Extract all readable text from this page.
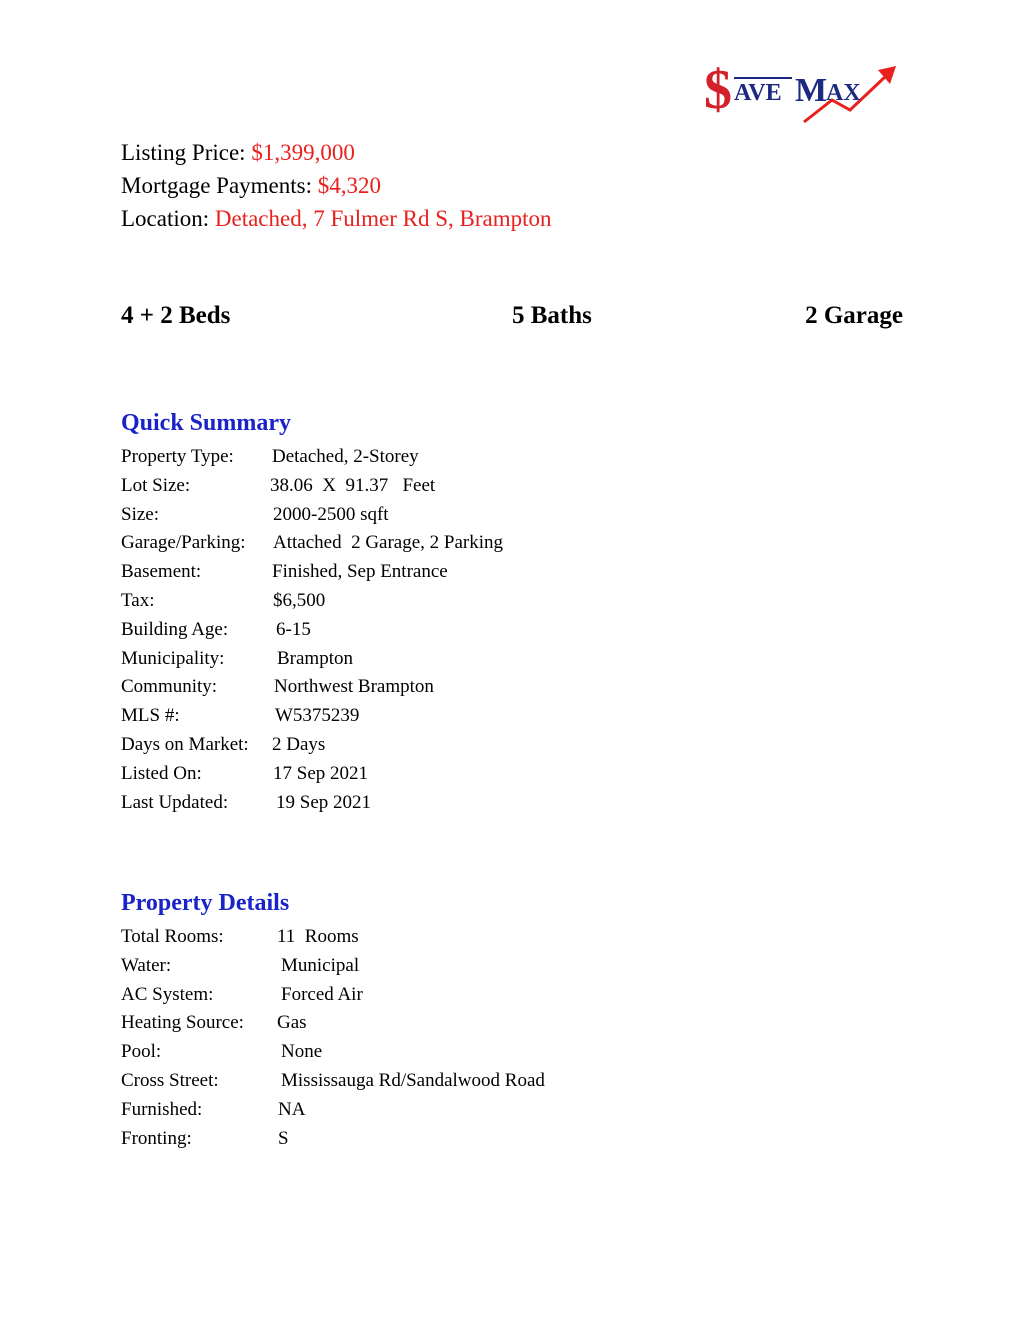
$ AVE M
AX
Listing Price: $1,399,000
Mortgage Payments: $4,320
Location: Detached, 7 Fulmer Rd S, Brampton
4 + 2 Beds	5 Baths	2 Garage
Quick Summary
Property Type: Detached, 2-Storey
Lot Size:	38.06  X  91.37   Feet
Size:	2000-2500 sqft
Garage/Parking: Attached  2 Garage, 2 Parking
Basement:	Finished, Sep Entrance
Tax:	$6,500
Building Age:	6-15
Municipality:	Brampton
Community:	Northwest Brampton
MLS #:	W5375239
Days on Market: 2 Days
Listed On:	17 Sep 2021
Last Updated:	19 Sep 2021
Property Details
Total Rooms:	11  Rooms
Water:	Municipal
AC System:	Forced Air
Heating Source: Gas
Pool:	None
Cross Street:	Mississauga Rd/Sandalwood Road
Furnished:	NA
Fronting:	S
